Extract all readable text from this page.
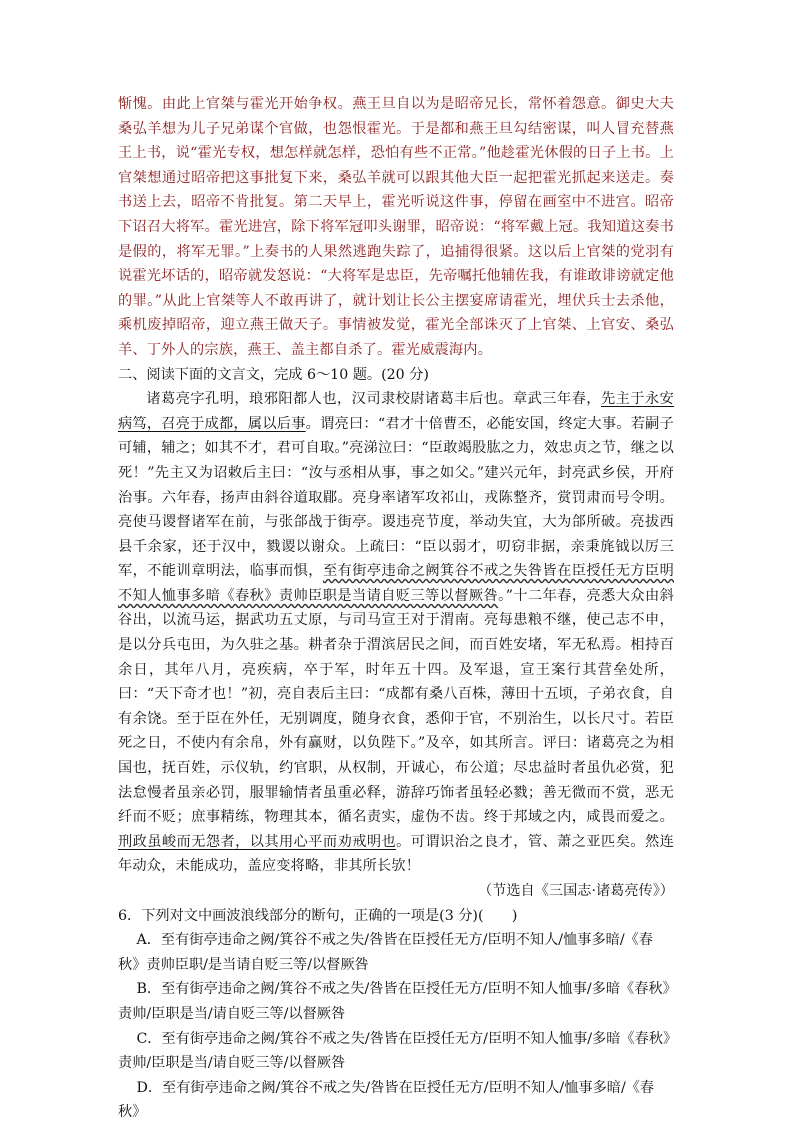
惭愧。由此上官桀与霍光开始争权。燕王旦自以为是昭帝兄长，常怀着怨意。御史大夫桑弘羊想为儿子兄弟谋个官做，也怨恨霍光。于是都和燕王旦勾结密谋，叫人冒充替燕王上书，说“霍光专权，想怎样就怎样，恐怕有些不正常。”他趁霍光休假的日子上书。上官桀想通过昭帝把这事批复下来，桑弘羊就可以跟其他大臣一起把霍光抓起来送走。奏书送上去，昭帝不肯批复。第二天早上，霍光听说这件事，停留在画室中不进宫。昭帝下诏召大将军。霍光进宫，除下将军冠叩头谢罪，昭帝说：“将军戴上冠。我知道这奏书是假的，将军无罪。”上奏书的人果然逃跑失踪了，追捕得很紧。这以后上官桀的党羽有说霍光坏话的，昭帝就发怒说：“大将军是忠臣，先帝嘱托他辅佐我，有谁敢诽谤就定他的罪。”从此上官桀等人不敢再讲了，就计划让长公主摆宴席请霍光，埋伏兵士去杀他，乘机废掉昭帝，迎立燕王做天子。事情被发觉，霍光全部诛灭了上官桀、上官安、桑弘羊、丁外人的宗族，燕王、盖主都自杀了。霍光威震海内。

二、阅读下面的文言文，完成 6～10 题。(20 分)

诸葛亮字孔明，琅邪阳都人也，汉司隶校尉诸葛丰后也。章武三年春，先主于永安病笃，召亮于成都，属以后事。谓亮曰：“君才十倍曹丕，必能安国，终定大事。若嗣子可辅，辅之；如其不才，君可自取。”亮涕泣曰：“臣敢竭股肱之力，效忠贞之节，继之以死！”先主又为诏敕后主曰：“汝与丞相从事，事之如父。”建兴元年，封亮武乡侯，开府治事。六年春，扬声由斜谷道取郿。亮身率诸军攻祁山，戎陈整齐，赏罚肃而号令明。亮使马谡督诸军在前，与张郃战于街亭。谡违亮节度，举动失宜，大为郃所破。亮拔西县千余家，还于汉中，戮谡以谢众。上疏曰：“臣以弱才，叨窃非据，亲秉旄钺以厉三军，不能训章明法，临事而惧，至有街亭违命之阙箕谷不戒之失咎皆在臣授任无方臣明不知人恤事多暗《春秋》责帅臣职是当请自贬三等以督厥咎。”十二年春，亮悉大众由斜谷出，以流马运，据武功五丈原，与司马宣王对于渭南。亮每患粮不继，使己志不申，是以分兵屯田，为久驻之基。耕者杂于渭滨居民之间，而百姓安堵，军无私焉。相持百余日，其年八月，亮疾病，卒于军，时年五十四。及军退，宣王案行其营垒处所，曰：“天下奇才也！”初，亮自表后主曰：“成都有桑八百株，薄田十五顷，子弟衣食，自有余饶。至于臣在外任，无别调度，随身衣食，悉仰于官，不别治生，以长尺寸。若臣死之日，不使内有余帛，外有赢财，以负陛下。”及卒，如其所言。评曰：诸葛亮之为相国也，抚百姓，示仪轨，约官职，从权制，开诚心，布公道；尽忠益时者虽仇必赏，犯法怠慢者虽亲必罚，服罪输情者虽重必释，游辞巧饰者虽轻必戮；善无微而不赏，恶无纤而不贬；庶事精练，物理其本，循名责实，虚伪不齿。终于邦域之内，咸畏而爱之。刑政虽峻而无怨者，以其用心平而劝戒明也。可谓识治之良才，管、萧之亚匹矣。然连年动众，未能成功，盖应变将略，非其所长欤！

（节选自《三国志·诸葛亮传》）

6．下列对文中画波浪线部分的断句，正确的一项是(3 分)(　　)

A．至有街亭违命之阙/箕谷不戒之失/咎皆在臣授任无方/臣明不知人/恤事多暗/《春秋》责帅臣职/是当请自贬三等/以督厥咎

B．至有街亭违命之阙/箕谷不戒之失/咎皆在臣授任无方/臣明不知人恤事/多暗《春秋》责帅/臣职是当/请自贬三等/以督厥咎

C．至有街亭违命之阙/箕谷不戒之失/咎皆在臣授任无方/臣明不知人恤事/多暗《春秋》责帅/臣职是当/请自贬三等/以督厥咎

D．至有街亭违命之阙/箕谷不戒之失/咎皆在臣授任无方/臣明不知人/恤事多暗/《春秋》
